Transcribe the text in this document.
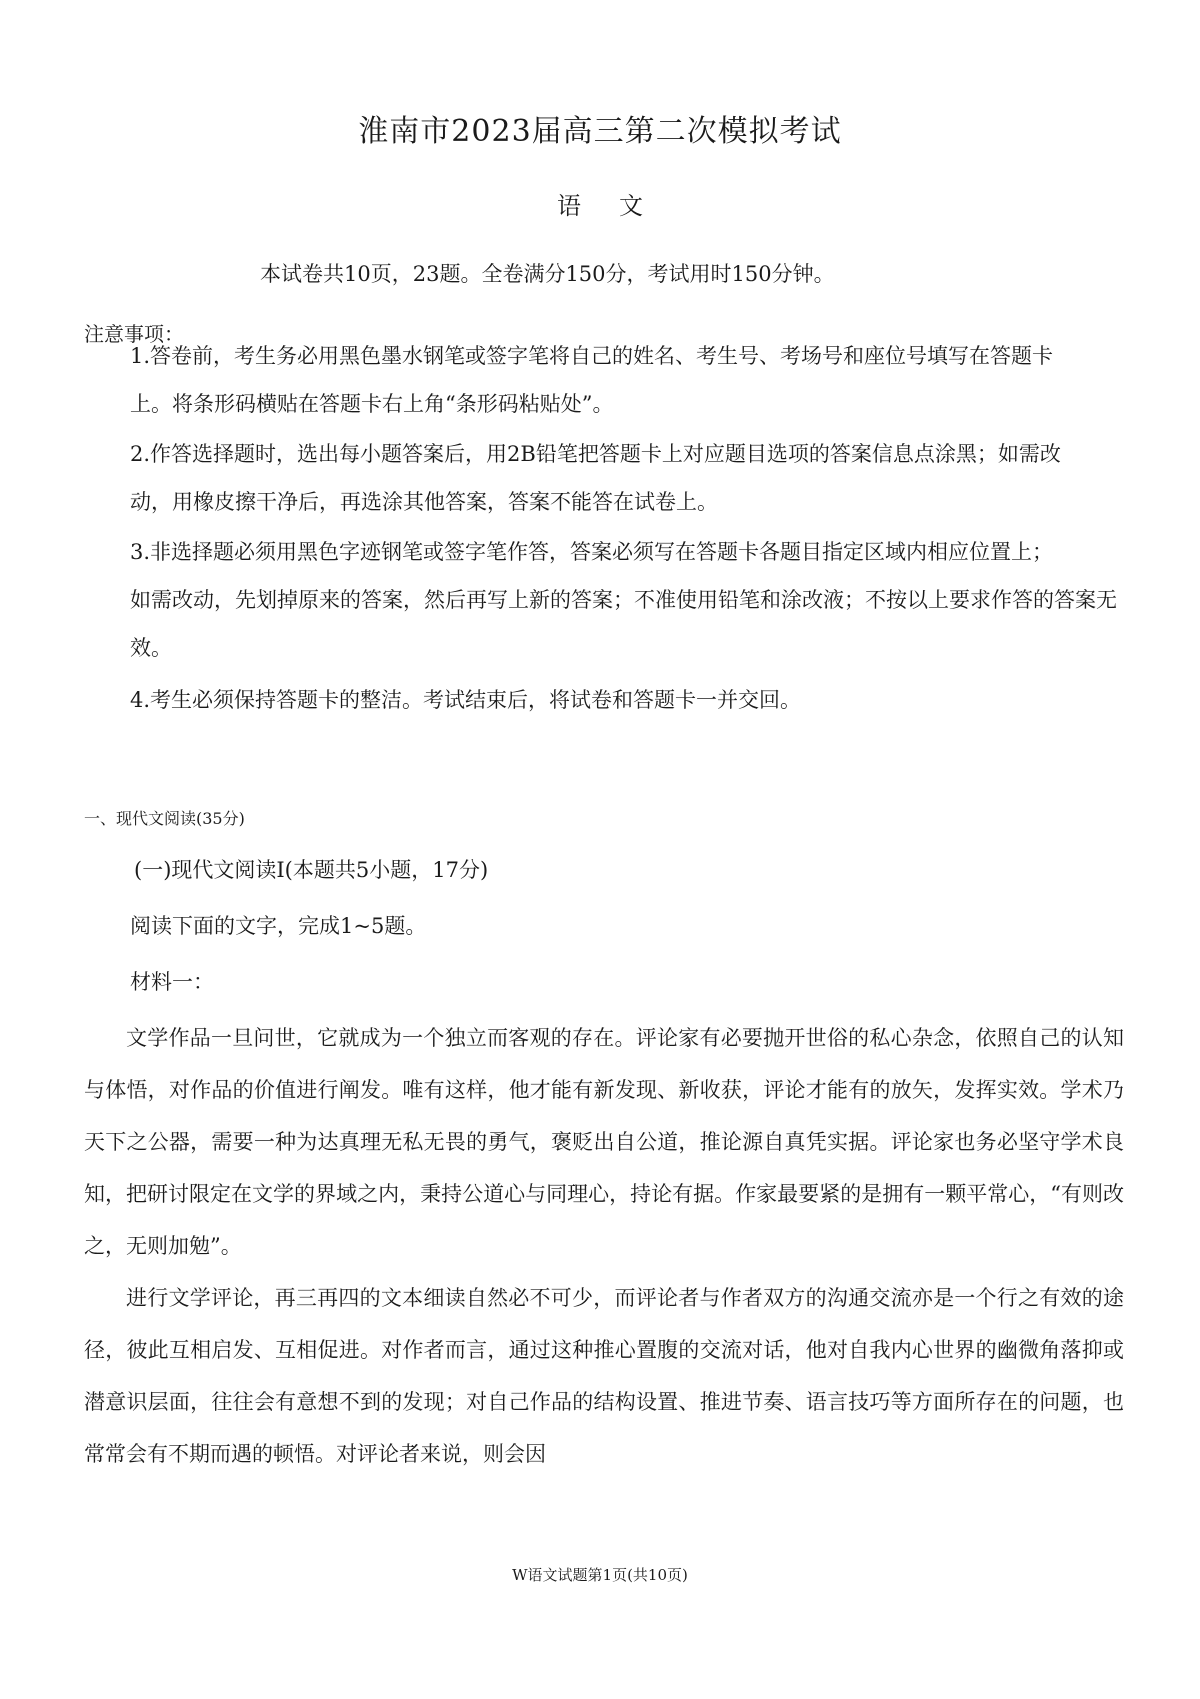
淮南市2023届高三第二次模拟考试
语文
本试卷共10页，23题。全卷满分150分，考试用时150分钟。
注意事项：
1.答卷前，考生务必用黑色墨水钢笔或签字笔将自己的姓名、考生号、考场号和座位号填写在答题卡
上。将条形码横贴在答题卡右上角“条形码粘贴处”。
2.作答选择题时，选出每小题答案后，用2B铅笔把答题卡上对应题目选项的答案信息点涂黑；如需改
动，用橡皮擦干净后，再选涂其他答案，答案不能答在试卷上。
3.非选择题必须用黑色字迹钢笔或签字笔作答，答案必须写在答题卡各题目指定区域内相应位置上；
如需改动，先划掉原来的答案，然后再写上新的答案；不准使用铅笔和涂改液；不按以上要求作答的答案无效。
4.考生必须保持答题卡的整洁。考试结束后，将试卷和答题卡一并交回。
一、现代文阅读(35分)
(一)现代文阅读Ⅰ(本题共5小题，17分)
阅读下面的文字，完成1~5题。
材料一：
文学作品一旦问世，它就成为一个独立而客观的存在。评论家有必要抛开世俗的私心杂念，依照自己的认知与体悟，对作品的价值进行阐发。唯有这样，他才能有新发现、新收获，评论才能有的放矢，发挥实效。学术乃天下之公器，需要一种为达真理无私无畏的勇气，褒贬出自公道，推论源自真凭实据。评论家也务必坚守学术良知，把研讨限定在文学的界域之内，秉持公道心与同理心，持论有据。作家最要紧的是拥有一颗平常心，“有则改之，无则加勉”。
进行文学评论，再三再四的文本细读自然必不可少，而评论者与作者双方的沟通交流亦是一个行之有效的途径，彼此互相启发、互相促进。对作者而言，通过这种推心置腹的交流对话，他对自我内心世界的幽微角落抑或潜意识层面，往往会有意想不到的发现；对自己作品的结构设置、推进节奏、语言技巧等方面所存在的问题，也常常会有不期而遇的顿悟。对评论者来说，则会因
W语文试题第1页(共10页)
